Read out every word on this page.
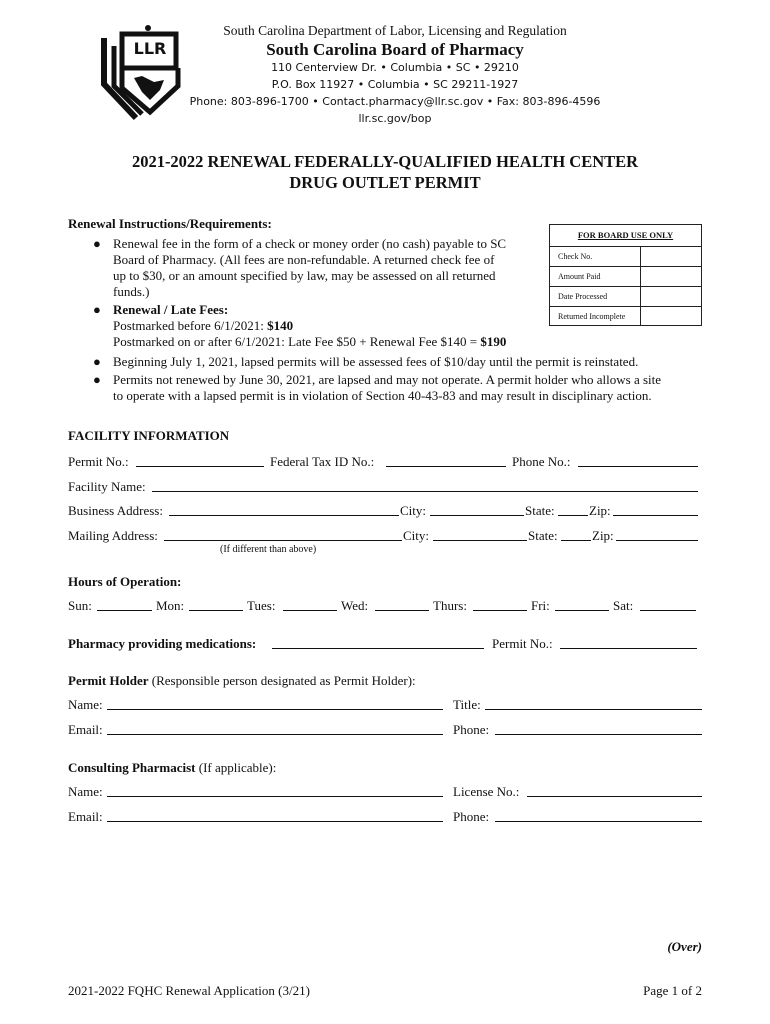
LLR
South Carolina Department of Labor, Licensing and Regulation
South Carolina Board of Pharmacy
110 Centerview Dr. • Columbia • SC • 29210
P.O. Box 11927 • Columbia • SC 29211-1927
Phone: 803-896-1700 • Contact.pharmacy@llr.sc.gov • Fax: 803-896-4596
llr.sc.gov/bop
2021-2022 RENEWAL FEDERALLY-QUALIFIED HEALTH CENTER
DRUG OUTLET PERMIT
Renewal Instructions/Requirements:
● Renewal fee in the form of a check or money order (no cash) payable to SC
Board of Pharmacy. (All fees are non-refundable. A returned check fee of
up to $30, or an amount specified by law, may be assessed on all returned
funds.)
● Renewal / Late Fees:
Postmarked before 6/1/2021: $140
Postmarked on or after 6/1/2021: Late Fee $50 + Renewal Fee $140 = $190
● Beginning July 1, 2021, lapsed permits will be assessed fees of $10/day until the permit is reinstated.
● Permits not renewed by June 30, 2021, are lapsed and may not operate. A permit holder who allows a site
to operate with a lapsed permit is in violation of Section 40-43-83 and may result in disciplinary action.
FOR BOARD USE ONLY
Check No.
Amount Paid
Date Processed
Returned Incomplete
FACILITY INFORMATION
Permit No.:	Federal Tax ID No.:	Phone No.:
Facility Name:
Business Address:	City:	State:	Zip:
Mailing Address:	City:	State:	Zip:
(If different than above)
Hours of Operation:
Sun:	Mon:	Tues:	Wed:	Thurs:	Fri:	Sat:
Pharmacy providing medications:	Permit No.:
Permit Holder (Responsible person designated as Permit Holder):
Name:	Title:
Email:	Phone:
Consulting Pharmacist (If applicable):
Name:	License No.:
Email:	Phone:
(Over)
2021-2022 FQHC Renewal Application (3/21)	Page 1 of 2
